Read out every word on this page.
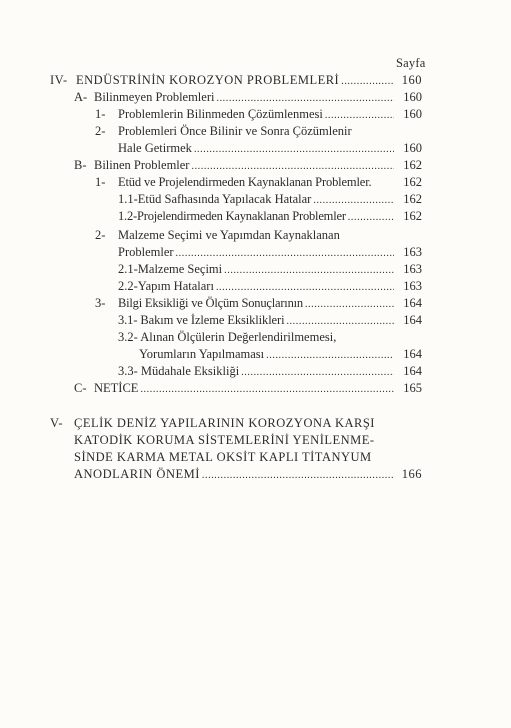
Sayfa
IV- ENDÜSTRİNİN KOROZYON PROBLEMLERİ .....	160
A- Bilinmeyen Problemleri .....	160
1-	Problemlerin Bilinmeden Çözümlenmesi .....	160
2-	Problemleri Önce Bilinir ve Sonra Çözümlenir
Hale Getirmek .....	160
B- Bilinen Problemler .....	162
1-	Etüd ve Projelendirmeden Kaynaklanan Problemler.	162
1.1-Etüd Safhasında Yapılacak Hatalar .....	162
1.2-Projelendirmeden Kaynaklanan Problemler .....	162
2-	Malzeme Seçimi ve Yapımdan Kaynaklanan
Problemler .....	163
2.1-Malzeme Seçimi .....	163
2.2-Yapım Hataları .....	163
3-	Bilgi Eksikliği ve Ölçüm Sonuçlarının .....	164
3.1- Bakım ve İzleme Eksiklikleri .....	164
3.2- Alınan Ölçülerin Değerlendirilmemesi,
Yorumların Yapılmaması .....	164
3.3- Müdahale Eksikliği .....	164
C- NETİCE .....	165
V- ÇELİK DENİZ YAPILARININ KOROZYONA KARŞI
KATODİK KORUMA SİSTEMLERİNİ YENİLENME-
SİNDE KARMA METAL OKSİT KAPLI TİTANYUM
ANODLARIN ÖNEMİ .....	166
